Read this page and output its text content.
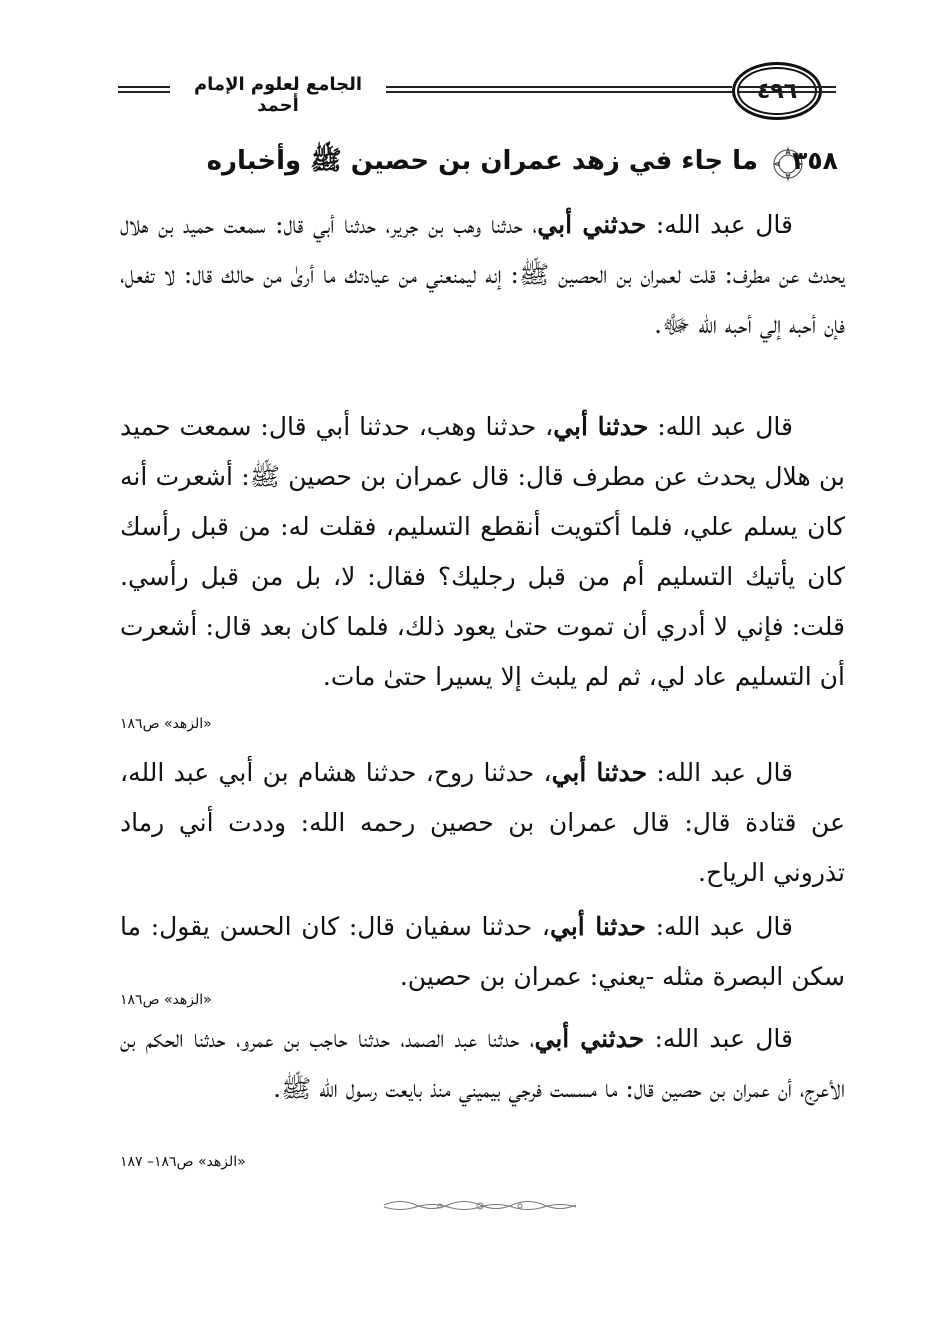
الجامع لعلوم الإمام أحمد
٤٩٦
٣٥٨
ما جاء في زهد عمران بن حصين ﷺ وأخباره

قال عبد الله: حدثني أبي، حدثنا وهب بن جرير، حدثنا أبي قال: سمعت حميد بن هلال يحدث عن مطرف: قلت لعمران بن الحصين ﷺ: إنه ليمنعني من عيادتك ما أرىٰ من حالك قال: لا تفعل، فإن أحبه إلي أحبه الله ﷻ.

قال عبد الله: حدثنا أبي، حدثنا وهب، حدثنا أبي قال: سمعت حميد بن هلال يحدث عن مطرف قال: قال عمران بن حصين ﷺ: أشعرت أنه كان يسلم علي، فلما أكتويت أنقطع التسليم، فقلت له: من قبل رأسك كان يأتيك التسليم أم من قبل رجليك؟ فقال: لا، بل من قبل رأسي. قلت: فإني لا أدري أن تموت حتىٰ يعود ذلك، فلما كان بعد قال: أشعرت أن التسليم عاد لي، ثم لم يلبث إلا يسيرا حتىٰ مات.

«الزهد» ص١٨٦

قال عبد الله: حدثنا أبي، حدثنا روح، حدثنا هشام بن أبي عبد الله، عن قتادة قال: قال عمران بن حصين رحمه الله: وددت أني رماد تذروني الرياح.

قال عبد الله: حدثنا أبي، حدثنا سفيان قال: كان الحسن يقول: ما سكن البصرة مثله -يعني: عمران بن حصين.

«الزهد» ص١٨٦

قال عبد الله: حدثني أبي، حدثنا عبد الصمد، حدثنا حاجب بن عمرو، حدثنا الحكم بن الأعرج، أن عمران بن حصين قال: ما مسست فرجي بيميني منذ بايعت رسول الله ﷺ.

«الزهد» ص١٨٦– ١٨٧
